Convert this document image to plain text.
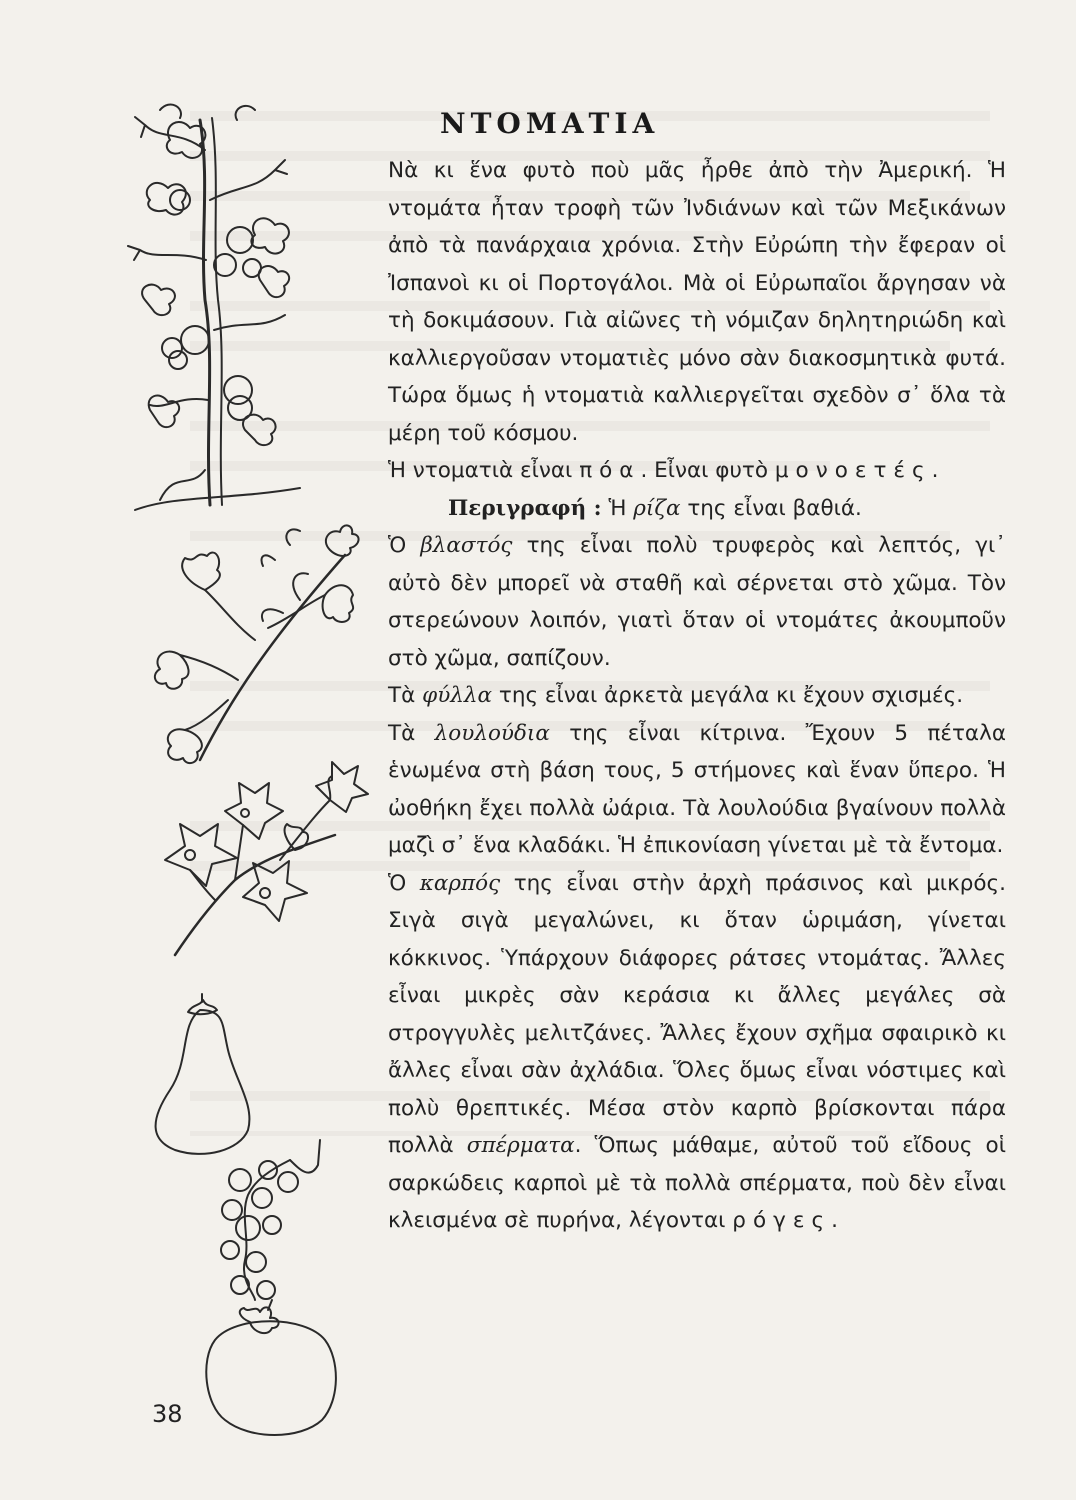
ΝΤΟΜΑΤΙΑ

Νὰ κι ἕνα φυτὸ ποὺ μᾶς ἦρθε ἀπὸ τὴν Ἀμερική. Ἡ ντομάτα ἦταν τροφὴ τῶν Ἰνδιάνων καὶ τῶν Μεξικάνων ἀπὸ τὰ πανάρχαια χρόνια. Στὴν Εὐρώπη τὴν ἔφεραν οἱ Ἰσπανοὶ κι οἱ Πορτογάλοι. Μὰ οἱ Εὐρωπαῖοι ἄργησαν νὰ τὴ δοκιμάσουν. Γιὰ αἰῶνες τὴ νόμιζαν δηλητηριώδη καὶ καλλιεργοῦσαν ντοματιὲς μόνο σὰν διακοσμητικὰ φυτά. Τώρα ὅμως ἡ ντοματιὰ καλλιεργεῖται σχεδὸν σ᾽ ὅλα τὰ μέρη τοῦ κόσμου.

Ἡ ντοματιὰ εἶναι πόα. Εἶναι φυτὸ μονοετές.

Περιγραφή : Ἡ ρίζα της εἶναι βαθιά.

Ὁ βλαστός της εἶναι πολὺ τρυφερὸς καὶ λεπτός, γι᾽ αὐτὸ δὲν μπορεῖ νὰ σταθῆ καὶ σέρνεται στὸ χῶμα. Τὸν στερεώνουν λοιπόν, γιατὶ ὅταν οἱ ντομάτες ἀκουμποῦν στὸ χῶμα, σαπίζουν.

Τὰ φύλλα της εἶναι ἀρκετὰ μεγάλα κι ἔχουν σχισμές.

Τὰ λουλούδια της εἶναι κίτρινα. Ἔχουν 5 πέταλα ἑνωμένα στὴ βάση τους, 5 στήμονες καὶ ἕναν ὕπερο. Ἡ ὠοθήκη ἔχει πολλὰ ὠάρια. Τὰ λουλούδια βγαίνουν πολλὰ μαζὶ σ᾽ ἕνα κλαδάκι. Ἡ ἐπικονίαση γίνεται μὲ τὰ ἔντομα.

Ὁ καρπός της εἶναι στὴν ἀρχὴ πράσινος καὶ μικρός. Σιγὰ σιγὰ μεγαλώνει, κι ὅταν ὡριμάση, γίνεται κόκκινος. Ὑπάρχουν διάφορες ράτσες ντομάτας. Ἄλλες εἶναι μικρὲς σὰν κεράσια κι ἄλλες μεγάλες σὰ στρογγυλὲς μελιτζάνες. Ἄλλες ἔχουν σχῆμα σφαιρικὸ κι ἄλλες εἶναι σὰν ἀχλάδια. Ὅλες ὅμως εἶναι νόστιμες καὶ πολὺ θρεπτικές. Μέσα στὸν καρπὸ βρίσκονται πάρα πολλὰ σπέρματα. Ὅπως μάθαμε, αὐτοῦ τοῦ εἴδους οἱ σαρκώδεις καρποὶ μὲ τὰ πολλὰ σπέρματα, ποὺ δὲν εἶναι κλεισμένα σὲ πυρήνα, λέγονται ρόγες.

38
